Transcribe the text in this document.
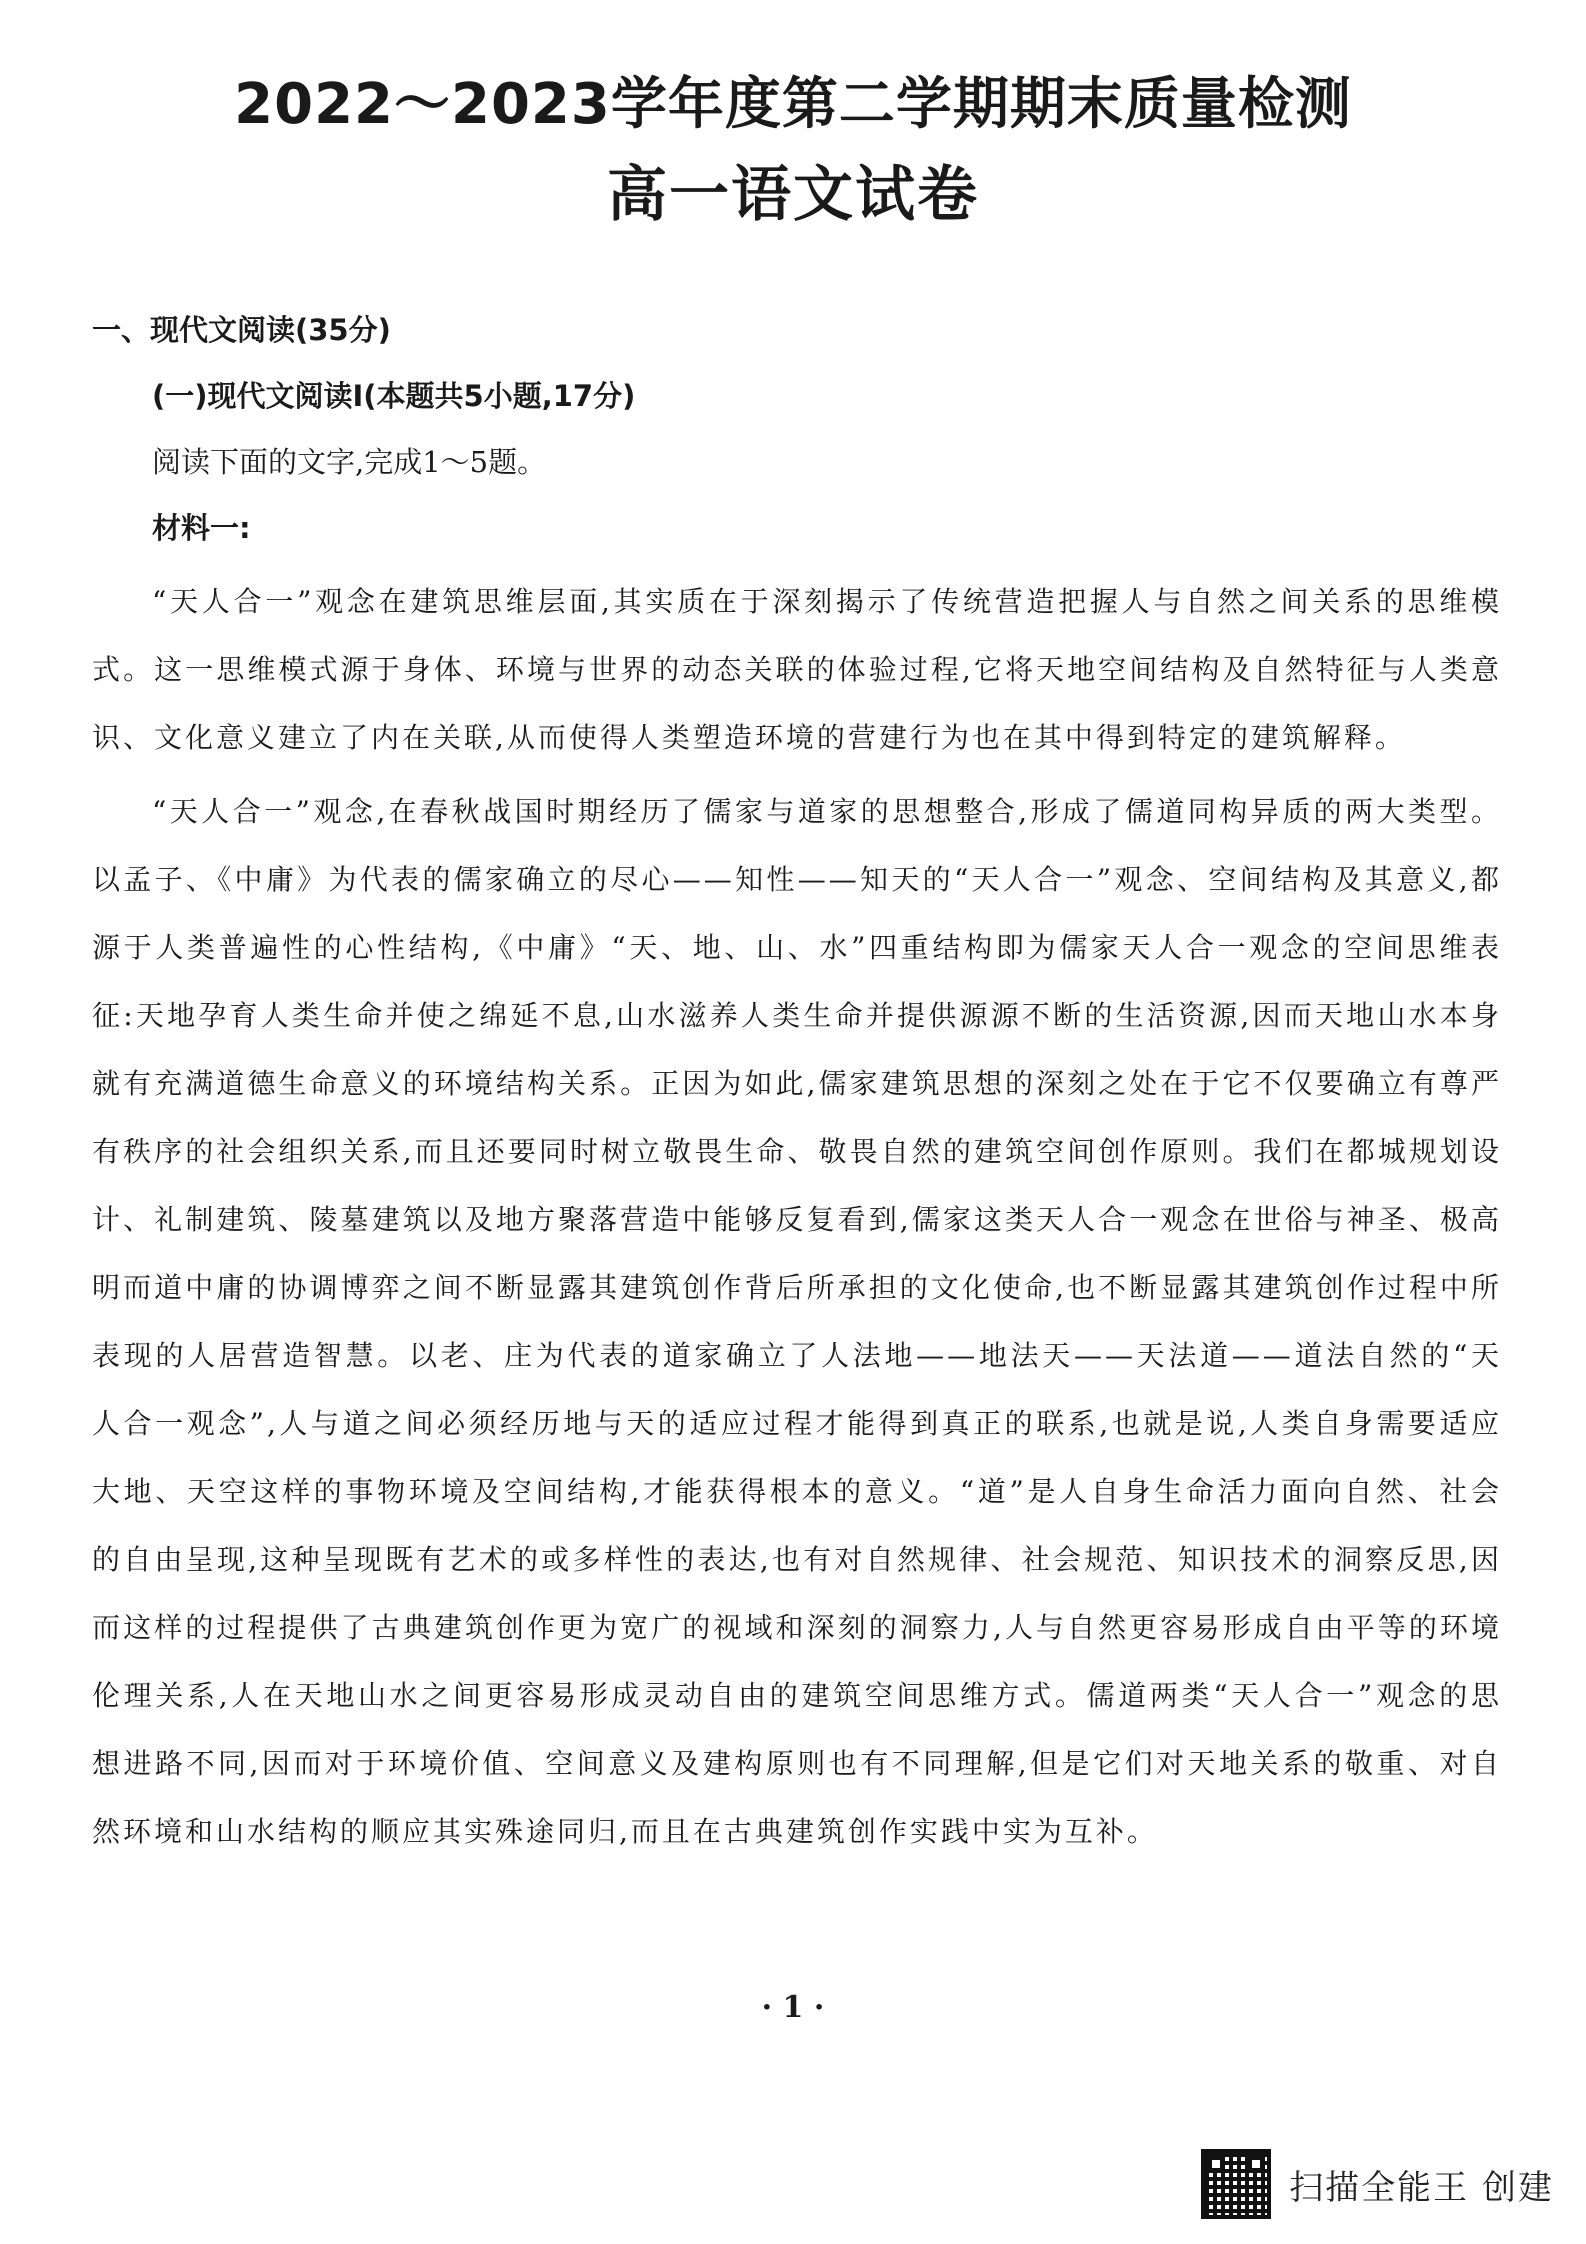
2022～2023学年度第二学期期末质量检测
高一语文试卷
一、现代文阅读(35分)
(一)现代文阅读Ⅰ(本题共5小题,17分)
阅读下面的文字,完成1～5题。
材料一:

“天人合一”观念在建筑思维层面,其实质在于深刻揭示了传统营造把握人与自然之间关系的思维模式。这一思维模式源于身体、环境与世界的动态关联的体验过程,它将天地空间结构及自然特征与人类意识、文化意义建立了内在关联,从而使得人类塑造环境的营建行为也在其中得到特定的建筑解释。

“天人合一”观念,在春秋战国时期经历了儒家与道家的思想整合,形成了儒道同构异质的两大类型。以孟子、《中庸》为代表的儒家确立的尽心——知性——知天的“天人合一”观念、空间结构及其意义,都源于人类普遍性的心性结构,《中庸》“天、地、山、水”四重结构即为儒家天人合一观念的空间思维表征:天地孕育人类生命并使之绵延不息,山水滋养人类生命并提供源源不断的生活资源,因而天地山水本身就有充满道德生命意义的环境结构关系。正因为如此,儒家建筑思想的深刻之处在于它不仅要确立有尊严有秩序的社会组织关系,而且还要同时树立敬畏生命、敬畏自然的建筑空间创作原则。我们在都城规划设计、礼制建筑、陵墓建筑以及地方聚落营造中能够反复看到,儒家这类天人合一观念在世俗与神圣、极高明而道中庸的协调博弈之间不断显露其建筑创作背后所承担的文化使命,也不断显露其建筑创作过程中所表现的人居营造智慧。以老、庄为代表的道家确立了人法地——地法天——天法道——道法自然的“天人合一观念”,人与道之间必须经历地与天的适应过程才能得到真正的联系,也就是说,人类自身需要适应大地、天空这样的事物环境及空间结构,才能获得根本的意义。“道”是人自身生命活力面向自然、社会的自由呈现,这种呈现既有艺术的或多样性的表达,也有对自然规律、社会规范、知识技术的洞察反思,因而这样的过程提供了古典建筑创作更为宽广的视域和深刻的洞察力,人与自然更容易形成自由平等的环境伦理关系,人在天地山水之间更容易形成灵动自由的建筑空间思维方式。儒道两类“天人合一”观念的思想进路不同,因而对于环境价值、空间意义及建构原则也有不同理解,但是它们对天地关系的敬重、对自然环境和山水结构的顺应其实殊途同归,而且在古典建筑创作实践中实为互补。

· 1 ·
扫描全能王 创建
